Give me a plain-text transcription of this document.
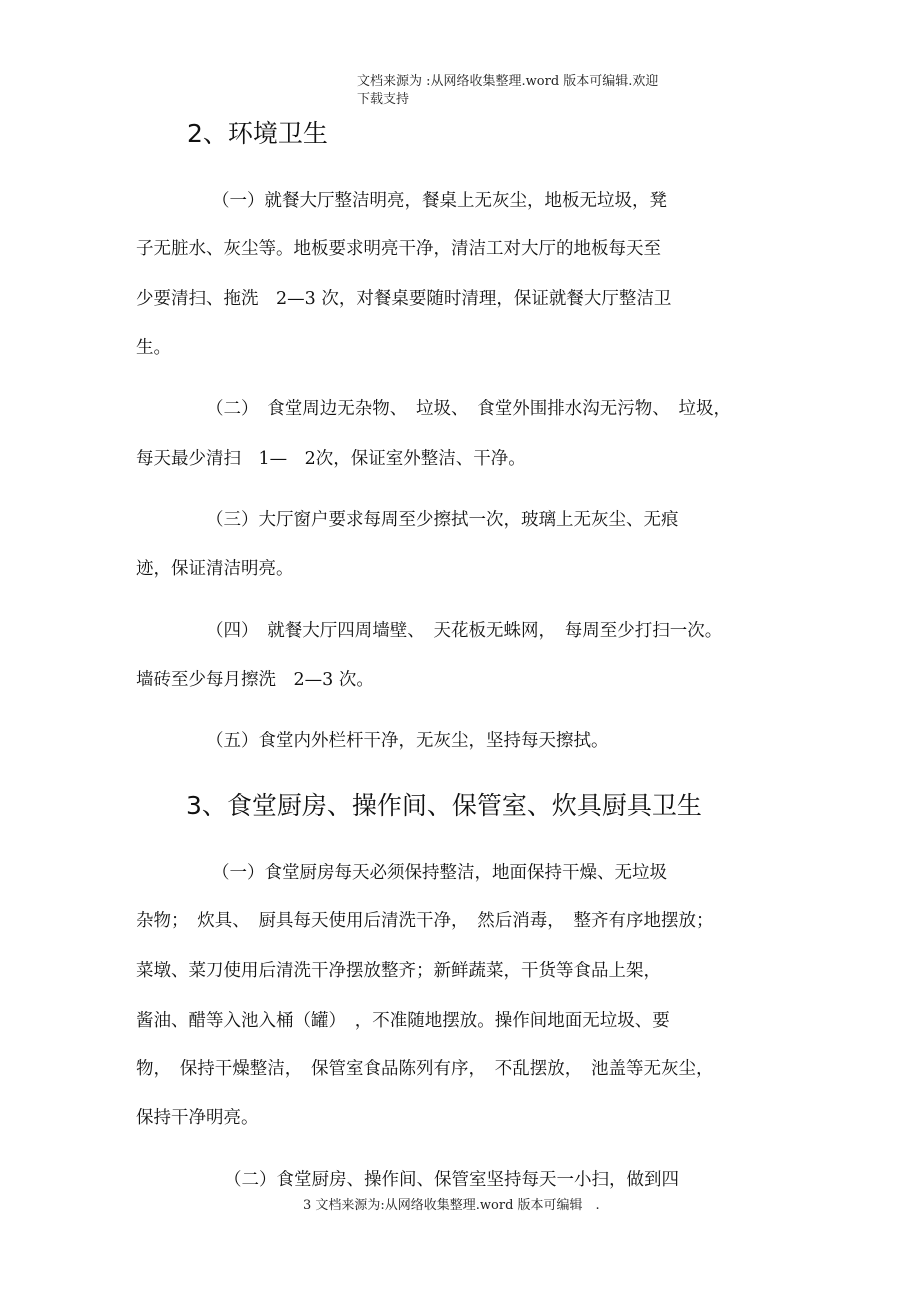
文档来源为 :从网络收集整理.word 版本可编辑.欢迎
下载支持
2、环境卫生
（一）就餐大厅整洁明亮，餐桌上无灰尘，地板无垃圾，凳
子无脏水、灰尘等。地板要求明亮干净，清洁工对大厅的地板每天至
少要清扫、拖洗　2—3 次，对餐桌要随时清理，保证就餐大厅整洁卫
生。
（二）　食堂周边无杂物、　垃圾、　食堂外围排水沟无污物、　垃圾，
每天最少清扫　1—　2次，保证室外整洁、干净。
（三）大厅窗户要求每周至少擦拭一次，玻璃上无灰尘、无痕
迹，保证清洁明亮。
（四）　就餐大厅四周墙壁、　天花板无蛛网，　每周至少打扫一次。
墙砖至少每月擦洗　2—3 次。
（五）食堂内外栏杆干净，无灰尘，坚持每天擦拭。
3、食堂厨房、操作间、保管室、炊具厨具卫生
（一）食堂厨房每天必须保持整洁，地面保持干燥、无垃圾
杂物；　炊具、　厨具每天使用后清洗干净，　然后消毒，　整齐有序地摆放；
菜墩、菜刀使用后清洗干净摆放整齐；新鲜蔬菜，干货等食品上架，
酱油、醋等入池入桶（罐）　，不准随地摆放。操作间地面无垃圾、要
物，　保持干燥整洁，　保管室食品陈列有序，　不乱摆放，　池盖等无灰尘，
保持干净明亮。
（二）食堂厨房、操作间、保管室坚持每天一小扫，做到四
3 文档来源为:从网络收集整理.word 版本可编辑　.
